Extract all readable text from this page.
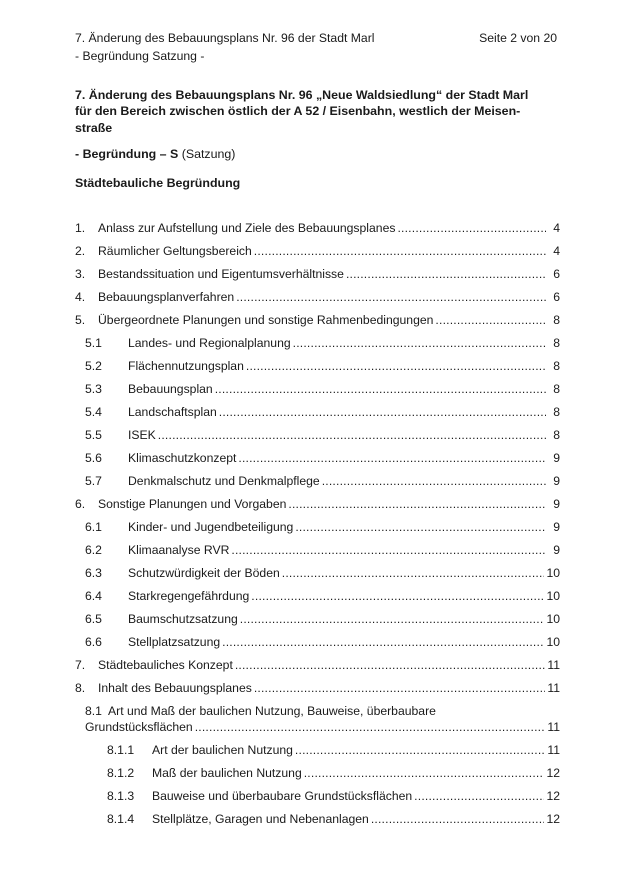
7. Änderung des Bebauungsplans Nr. 96 der Stadt Marl	Seite 2 von 20
- Begründung Satzung -
7. Änderung des Bebauungsplans Nr. 96 „Neue Waldsiedlung“ der Stadt Marl
für den Bereich zwischen östlich der A 52 / Eisenbahn, westlich der Meisen-
straße
- Begründung – S (Satzung)
Städtebauliche Begründung
1.	Anlass zur Aufstellung und Ziele des Bebauungsplanes . . .	4
2.	Räumlicher Geltungsbereich . . .	4
3.	Bestandssituation und Eigentumsverhältnisse . . .	6
4.	Bebauungsplanverfahren . . .	6
5.	Übergeordnete Planungen und sonstige Rahmenbedingungen . . .	8
5.1	Landes- und Regionalplanung . . .	8
5.2	Flächennutzungsplan . . .	8
5.3	Bebauungsplan . . .	8
5.4	Landschaftsplan . . .	8
5.5	ISEK . . .	8
5.6	Klimaschutzkonzept . . .	9
5.7	Denkmalschutz und Denkmalpflege . . .	9
6.	Sonstige Planungen und Vorgaben . . .	9
6.1	Kinder- und Jugendbeteiligung . . .	9
6.2	Klimaanalyse RVR . . .	9
6.3	Schutzwürdigkeit der Böden . . .	10
6.4	Starkregengefährdung . . .	10
6.5	Baumschutzsatzung . . .	10
6.6	Stellplatzsatzung . . .	10
7.	Städtebauliches Konzept . . .	11
8.	Inhalt des Bebauungsplanes . . .	11
8.1 Art und Maß der baulichen Nutzung, Bauweise, überbaubare
Grundstücksflächen . . .	11
8.1.1	Art der baulichen Nutzung . . .	11
8.1.2	Maß der baulichen Nutzung . . .	12
8.1.3	Bauweise und überbaubare Grundstücksflächen . . .	12
8.1.4	Stellplätze, Garagen und Nebenanlagen . . .	12
